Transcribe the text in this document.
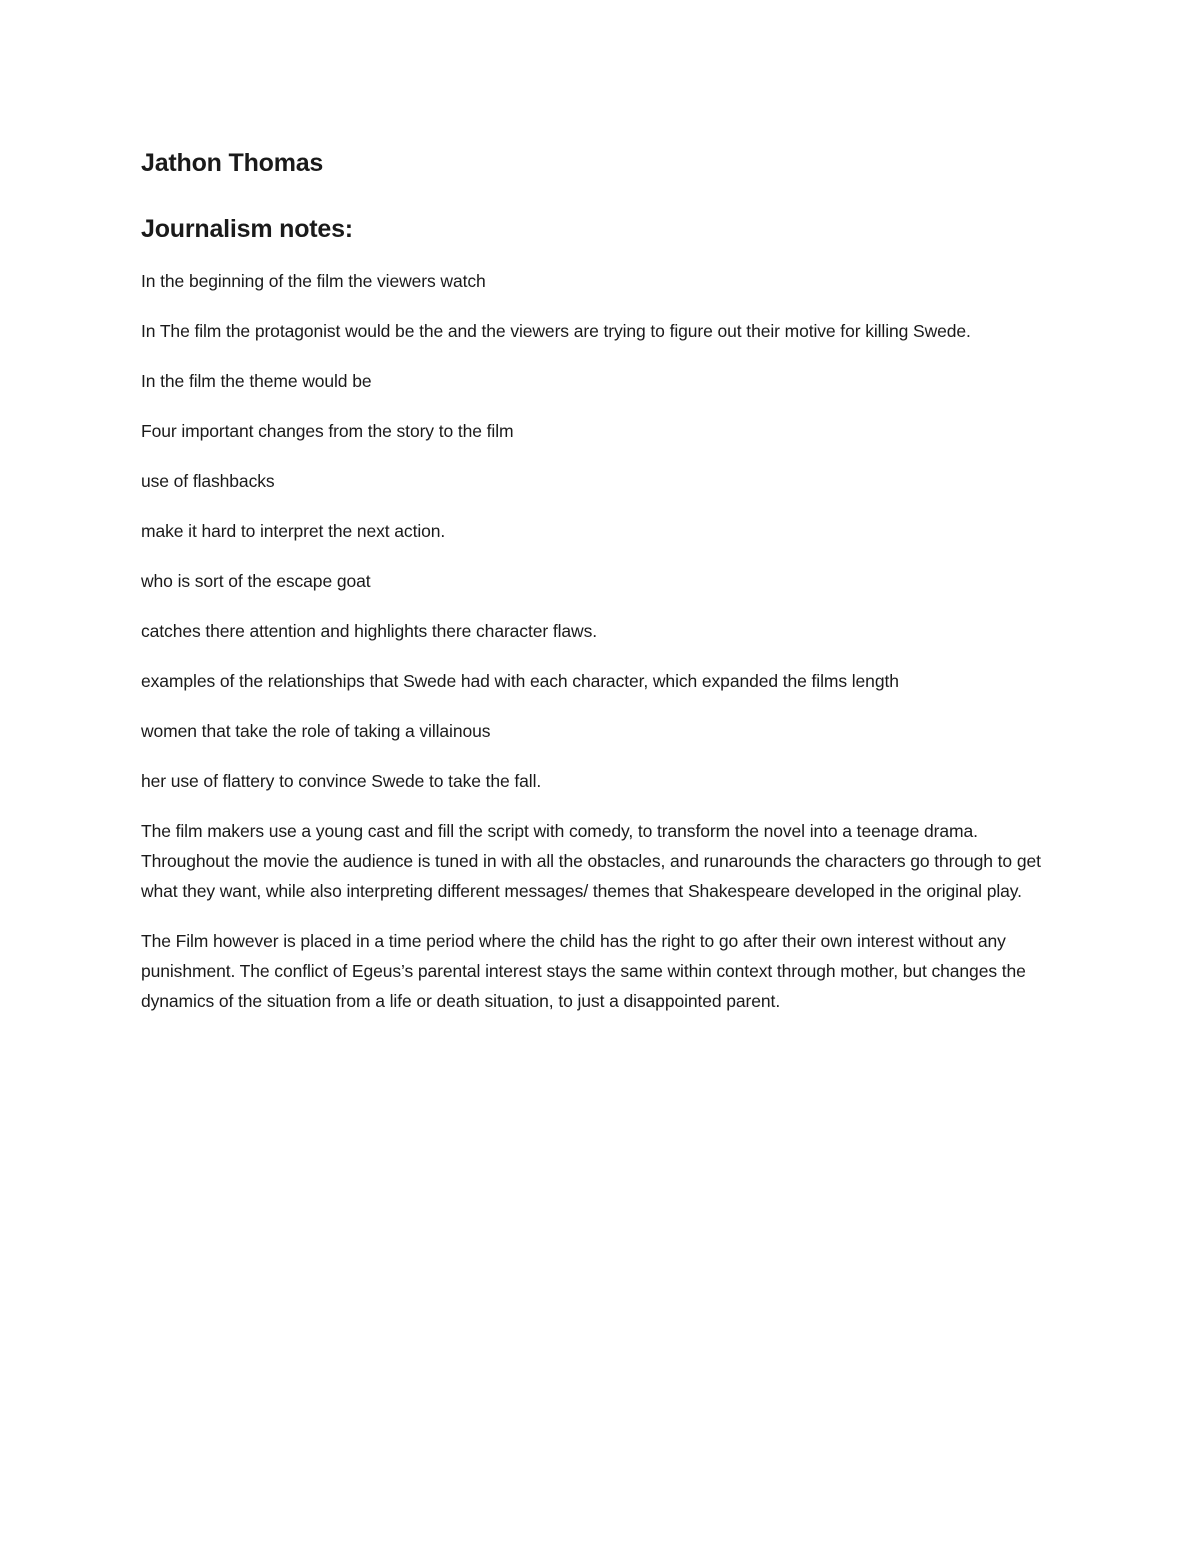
Jathon Thomas
Journalism notes:

In the beginning of the film the viewers watch

In The film the protagonist would be the and the viewers are trying to figure out their motive for killing Swede.

In the film the theme would be

Four important changes from the story to the film

use of flashbacks

make it hard to interpret the next action.

who is sort of the escape goat

catches there attention and highlights there character flaws.

examples of the relationships that Swede had with each character, which expanded the films length

women that take the role of taking a villainous

her use of flattery to convince Swede to take the fall.

The film makers use a young cast and fill the script with comedy, to transform the novel into a teenage drama. Throughout the movie the audience is tuned in with all the obstacles, and runarounds the characters go through to get what they want, while also interpreting different messages/ themes that Shakespeare developed in the original play.

The Film however is placed in a time period where the child has the right to go after their own interest without any punishment. The conflict of Egeus’s parental interest stays the same within context through mother, but changes the dynamics of the situation from a life or death situation, to just a disappointed parent.
